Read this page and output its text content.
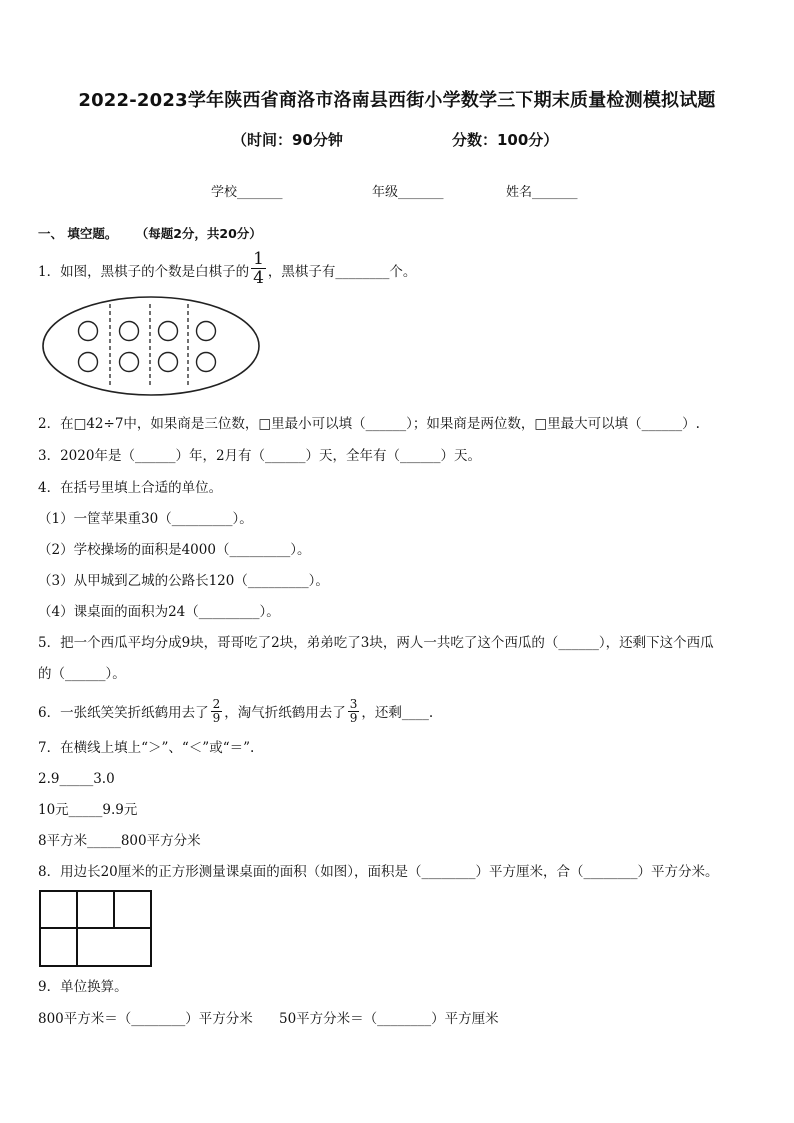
2022-2023学年陕西省商洛市洛南县西街小学数学三下期末质量检测模拟试题
（时间：90分钟	分数：100分）
学校_______	年级_______	姓名_______
一、 填空题。 （每题2分，共20分）
1．如图，黑棋子的个数是白棋子的 $\frac{1}{4}$ ，黑棋子有________个。
2．在□42÷7中，如果商是三位数，□里最小可以填（______）；如果商是两位数，□里最大可以填（______）.
3．2020年是（______）年，2月有（______）天，全年有（______）天。
4．在括号里填上合适的单位。
（1）一筐苹果重30（_________）。
（2）学校操场的面积是4000（_________）。
（3）从甲城到乙城的公路长120（_________）。
（4）课桌面的面积为24（_________）。
5．把一个西瓜平均分成9块，哥哥吃了2块，弟弟吃了3块，两人一共吃了这个西瓜的（______），还剩下这个西瓜
的（______）。
6．一张纸笑笑折纸鹤用去了 $\frac{2}{9}$ ，淘气折纸鹤用去了 $\frac{3}{9}$ ，还剩____.
7．在横线上填上“＞”、“＜”或“＝”.
2.9_____3.0
10元_____9.9元
8平方米_____800平方分米
8．用边长20厘米的正方形测量课桌面的面积（如图），面积是（________）平方厘米，合（________）平方分米。
9．单位换算。
800平方米＝（________）平方分米 50平方分米＝（________）平方厘米
